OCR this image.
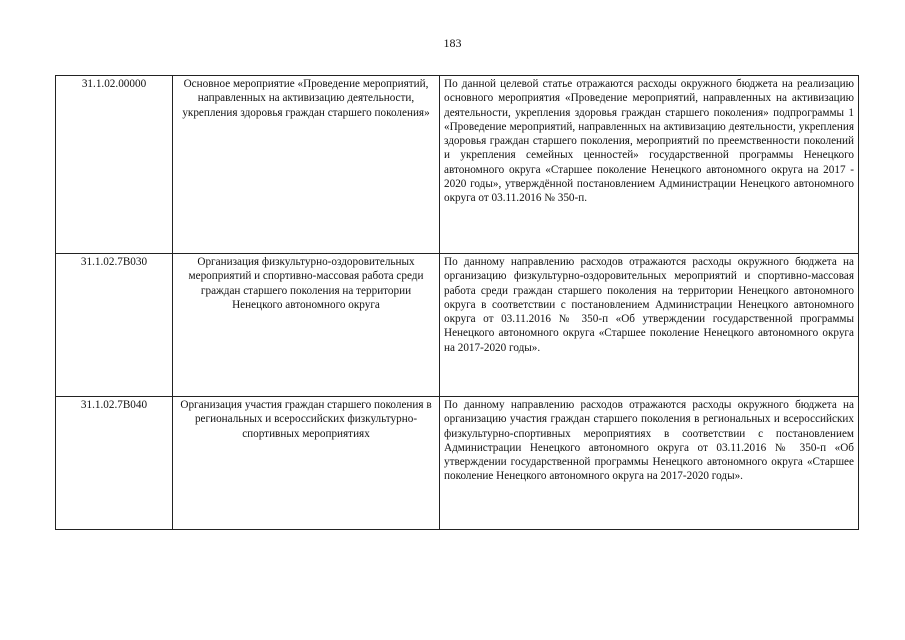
183
31.1.02.00000	Основное мероприятие «Проведение мероприятий, направленных на активизацию деятельности, укрепления здоровья граждан старшего поколения»	По данной целевой статье отражаются расходы окружного бюджета на реализацию основного мероприятия «Проведение мероприятий, направленных на активизацию деятельности, укрепления здоровья граждан старшего поколения» подпрограммы 1 «Проведение мероприятий, направленных на активизацию деятельности, укрепления здоровья граждан старшего поколения, мероприятий по преемственности поколений и укрепления семейных ценностей» государственной программы Ненецкого автономного округа «Старшее поколение Ненецкого автономного округа на 2017 - 2020 годы», утверждённой постановлением Администрации Ненецкого автономного округа от 03.11.2016 № 350-п.
31.1.02.7В030	Организация физкультурно-оздоровительных мероприятий и спортивно-массовая работа среди граждан старшего поколения на территории Ненецкого автономного округа	По данному направлению расходов отражаются расходы окружного бюджета на организацию физкультурно-оздоровительных мероприятий и спортивно-массовая работа среди граждан старшего поколения на территории Ненецкого автономного округа в соответствии с постановлением Администрации Ненецкого автономного округа от 03.11.2016 № 350-п «Об утверждении государственной программы Ненецкого автономного округа «Старшее поколение Ненецкого автономного округа на 2017-2020 годы».
31.1.02.7В040	Организация участия граждан старшего поколения в региональных и всероссийских физкультурно-спортивных мероприятиях	По данному направлению расходов отражаются расходы окружного бюджета на организацию участия граждан старшего поколения в региональных и всероссийских физкультурно-спортивных мероприятиях в соответствии с постановлением Администрации Ненецкого автономного округа от 03.11.2016 № 350-п «Об утверждении государственной программы Ненецкого автономного округа «Старшее поколение Ненецкого автономного округа на 2017-2020 годы».
